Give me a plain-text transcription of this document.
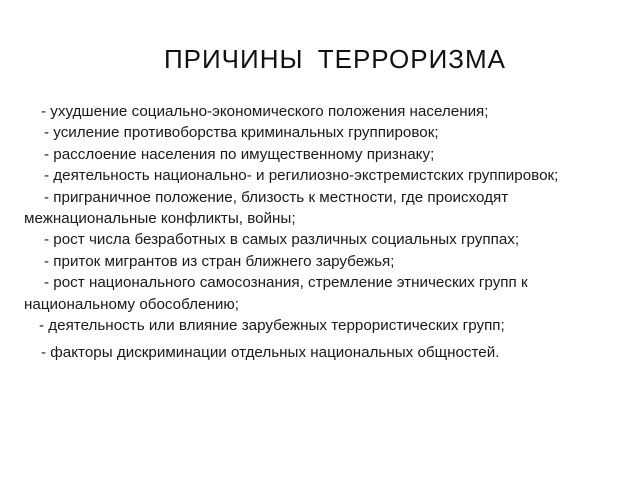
ПРИЧИНЫ ТЕРРОРИЗМА
- ухудшение социально-экономического положения населения;
- усиление противоборства криминальных группировок;
- расслоение населения по имущественному признаку;
- деятельность национально- и регилиозно-экстремистских группировок;
- приграничное положение, близость к местности, где происходят межнациональные конфликты, войны;
- рост числа безработных в самых различных социальных группах;
- приток мигрантов из стран ближнего зарубежья;
- рост национального самосознания, стремление этнических групп к национальному обособлению;
- деятельность или влияние зарубежных террористических групп;
- факторы дискриминации отдельных национальных общностей.
